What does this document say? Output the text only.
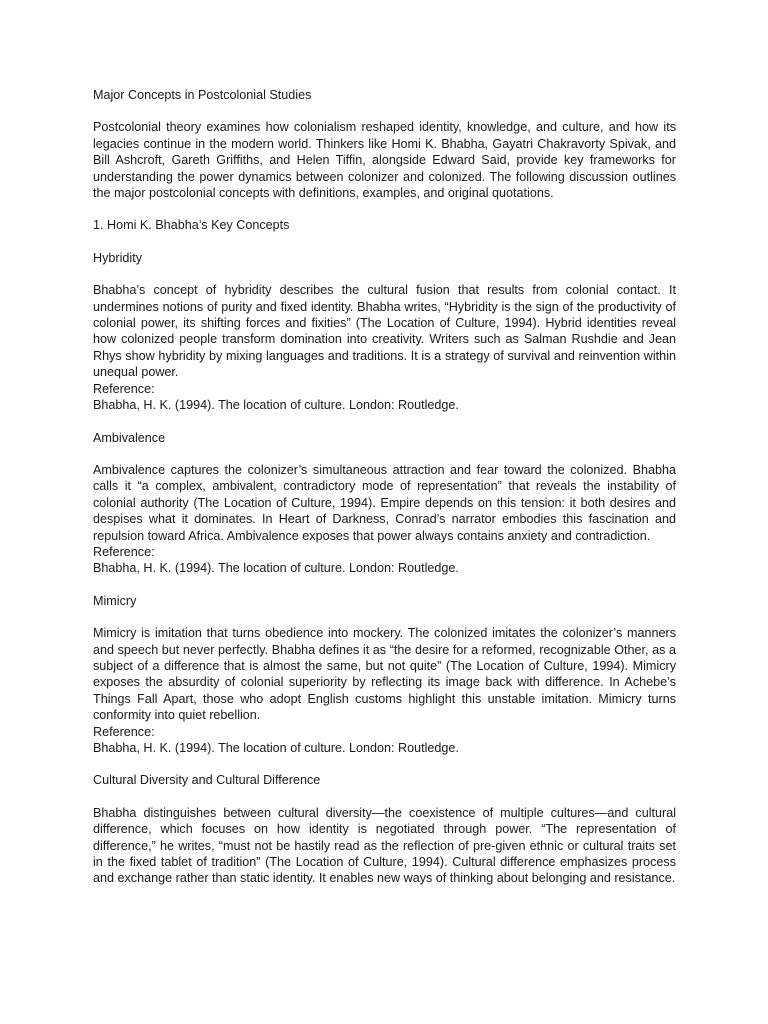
Major Concepts in Postcolonial Studies

Postcolonial theory examines how colonialism reshaped identity, knowledge, and culture, and how its legacies continue in the modern world. Thinkers like Homi K. Bhabha, Gayatri Chakravorty Spivak, and Bill Ashcroft, Gareth Griffiths, and Helen Tiffin, alongside Edward Said, provide key frameworks for understanding the power dynamics between colonizer and colonized. The following discussion outlines the major postcolonial concepts with definitions, examples, and original quotations.

1. Homi K. Bhabha’s Key Concepts

Hybridity

Bhabha’s concept of hybridity describes the cultural fusion that results from colonial contact. It undermines notions of purity and fixed identity. Bhabha writes, “Hybridity is the sign of the productivity of colonial power, its shifting forces and fixities” (The Location of Culture, 1994). Hybrid identities reveal how colonized people transform domination into creativity. Writers such as Salman Rushdie and Jean Rhys show hybridity by mixing languages and traditions. It is a strategy of survival and reinvention within unequal power.

Reference:

Bhabha, H. K. (1994). The location of culture. London: Routledge.

Ambivalence

Ambivalence captures the colonizer’s simultaneous attraction and fear toward the colonized. Bhabha calls it “a complex, ambivalent, contradictory mode of representation” that reveals the instability of colonial authority (The Location of Culture, 1994). Empire depends on this tension: it both desires and despises what it dominates. In Heart of Darkness, Conrad’s narrator embodies this fascination and repulsion toward Africa. Ambivalence exposes that power always contains anxiety and contradiction.

Reference:

Bhabha, H. K. (1994). The location of culture. London: Routledge.

Mimicry

Mimicry is imitation that turns obedience into mockery. The colonized imitates the colonizer’s manners and speech but never perfectly. Bhabha defines it as “the desire for a reformed, recognizable Other, as a subject of a difference that is almost the same, but not quite” (The Location of Culture, 1994). Mimicry exposes the absurdity of colonial superiority by reflecting its image back with difference. In Achebe’s Things Fall Apart, those who adopt English customs highlight this unstable imitation. Mimicry turns conformity into quiet rebellion.

Reference:

Bhabha, H. K. (1994). The location of culture. London: Routledge.

Cultural Diversity and Cultural Difference

Bhabha distinguishes between cultural diversity—the coexistence of multiple cultures—and cultural difference, which focuses on how identity is negotiated through power. “The representation of difference,” he writes, “must not be hastily read as the reflection of pre-given ethnic or cultural traits set in the fixed tablet of tradition” (The Location of Culture, 1994). Cultural difference emphasizes process and exchange rather than static identity. It enables new ways of thinking about belonging and resistance.
